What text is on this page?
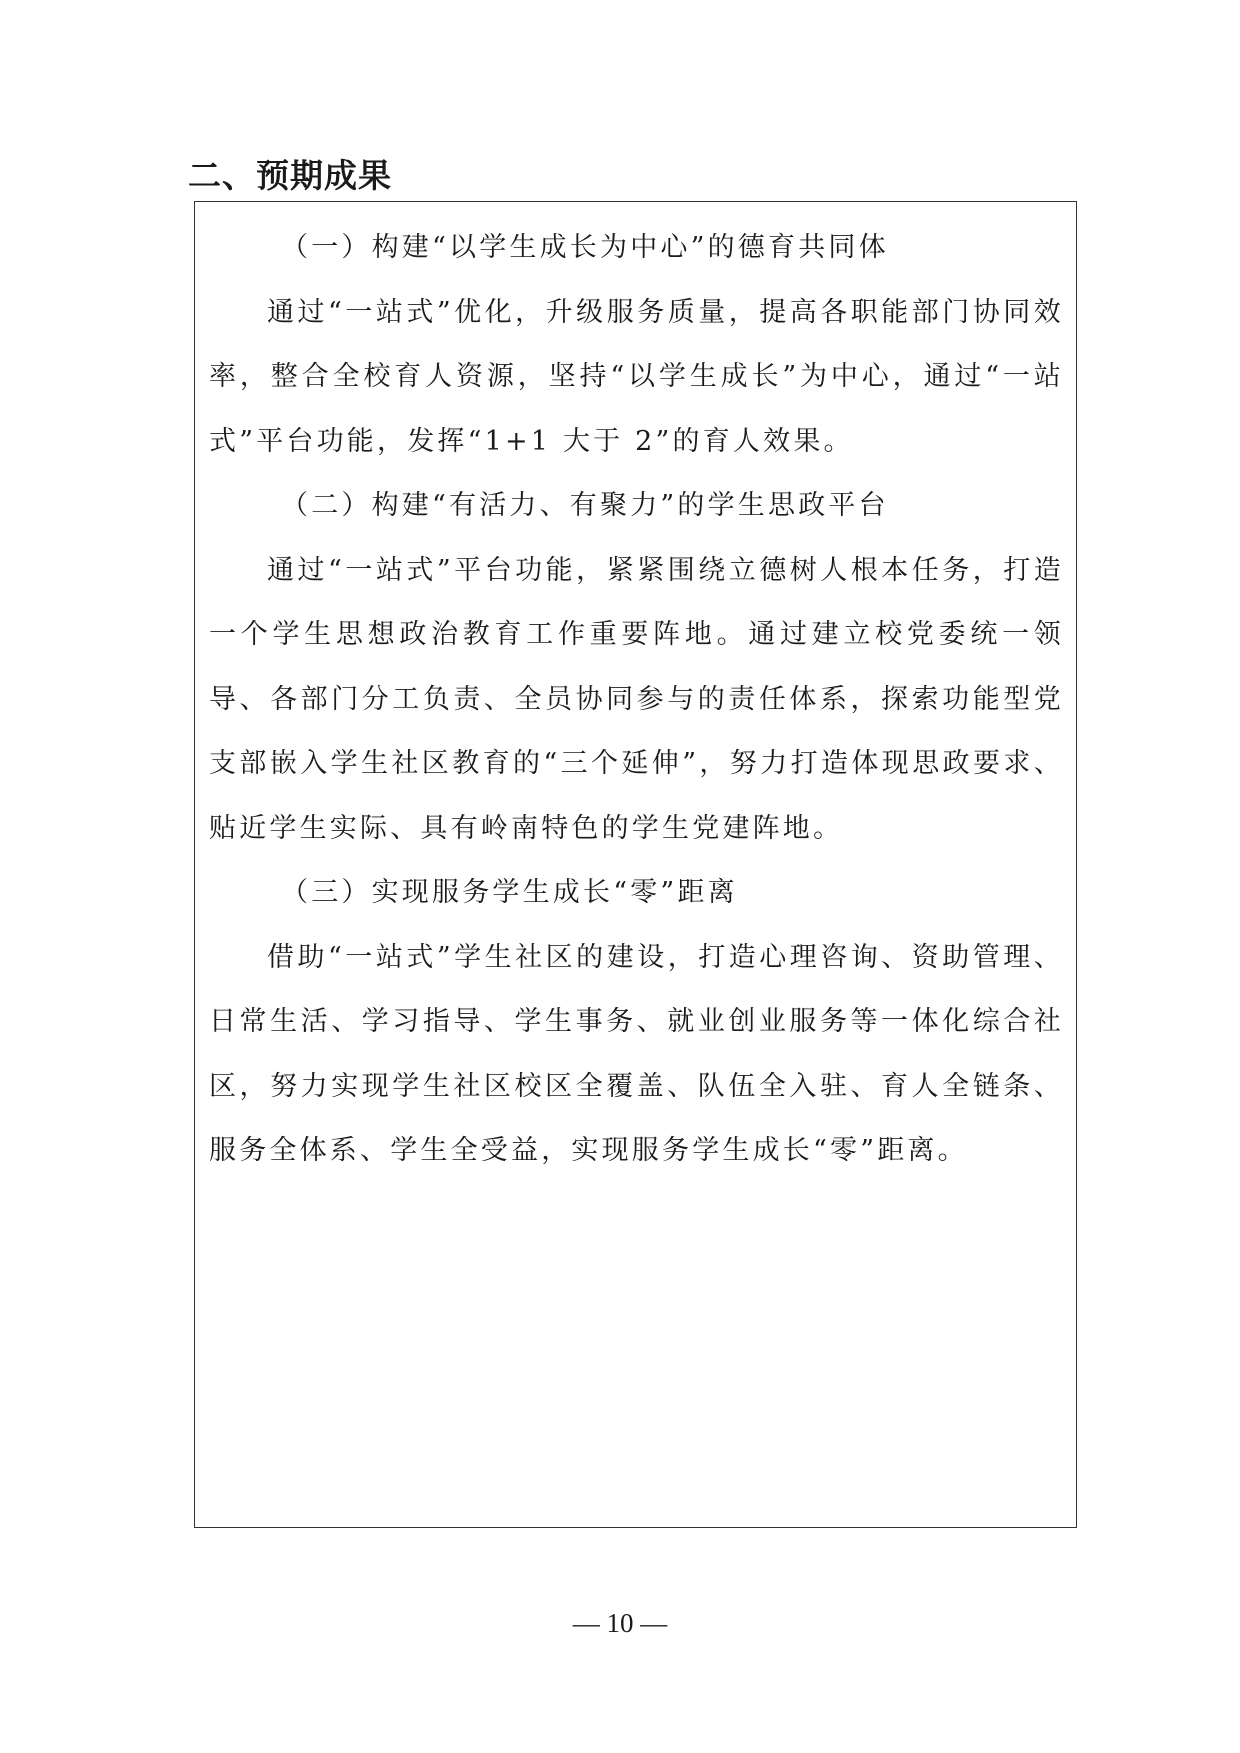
二、预期成果

（一）构建“以学生成长为中心”的德育共同体

通过“一站式”优化，升级服务质量，提高各职能部门协同效率，整合全校育人资源，坚持“以学生成长”为中心，通过“一站式”平台功能，发挥“1+1 大于 2”的育人效果。

（二）构建“有活力、有聚力”的学生思政平台

通过“一站式”平台功能，紧紧围绕立德树人根本任务，打造一个学生思想政治教育工作重要阵地。通过建立校党委统一领导、各部门分工负责、全员协同参与的责任体系，探索功能型党支部嵌入学生社区教育的“三个延伸”，努力打造体现思政要求、贴近学生实际、具有岭南特色的学生党建阵地。

（三）实现服务学生成长“零”距离

借助“一站式”学生社区的建设，打造心理咨询、资助管理、日常生活、学习指导、学生事务、就业创业服务等一体化综合社区，努力实现学生社区校区全覆盖、队伍全入驻、育人全链条、服务全体系、学生全受益，实现服务学生成长“零”距离。

— 10 —
